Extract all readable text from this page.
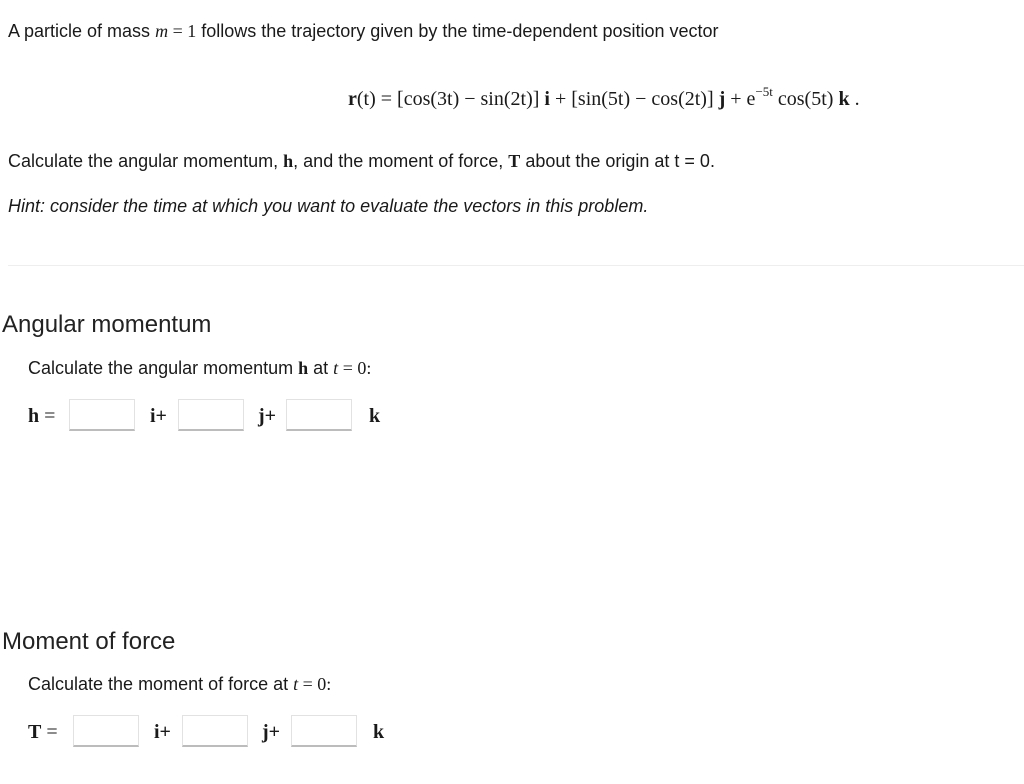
A particle of mass m = 1 follows the trajectory given by the time-dependent position vector
r(t) = [cos(3t) − sin(2t)] i + [sin(5t) − cos(2t)] $j + e^{-5t}$ cos(5t) k .
Calculate the angular momentum, h, and the moment of force, T about the origin at t = 0.
Hint: consider the time at which you want to evaluate the vectors in this problem.
Angular momentum
Calculate the angular momentum h at t = 0:
h =	i+	j+	k
Moment of force
Calculate the moment of force at t = 0:
T =	i+	j+	k
